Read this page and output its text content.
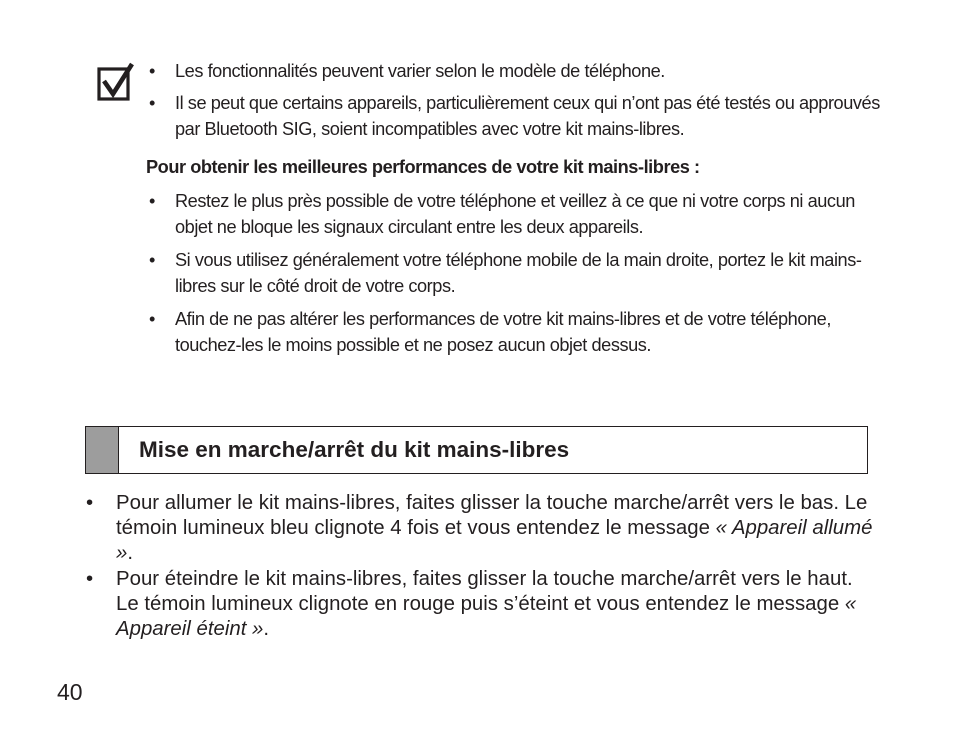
• Les fonctionnalités peuvent varier selon le modèle de téléphone.
• Il se peut que certains appareils, particulièrement ceux qui n’ont pas été testés ou approuvés par Bluetooth SIG, soient incompatibles avec votre kit mains-libres.
Pour obtenir les meilleures performances de votre kit mains-libres :
• Restez le plus près possible de votre téléphone et veillez à ce que ni votre corps ni aucun objet ne bloque les signaux circulant entre les deux appareils.
• Si vous utilisez généralement votre téléphone mobile de la main droite, portez le kit mains-libres sur le côté droit de votre corps.
• Afin de ne pas altérer les performances de votre kit mains-libres et de votre téléphone, touchez-les le moins possible et ne posez aucun objet dessus.
Mise en marche/arrêt du kit mains-libres
• Pour allumer le kit mains-libres, faites glisser la touche marche/arrêt vers le bas. Le témoin lumineux bleu clignote 4 fois et vous entendez le message « Appareil allumé ».
• Pour éteindre le kit mains-libres, faites glisser la touche marche/arrêt vers le haut. Le témoin lumineux clignote en rouge puis s’éteint et vous entendez le message « Appareil éteint ».
40
